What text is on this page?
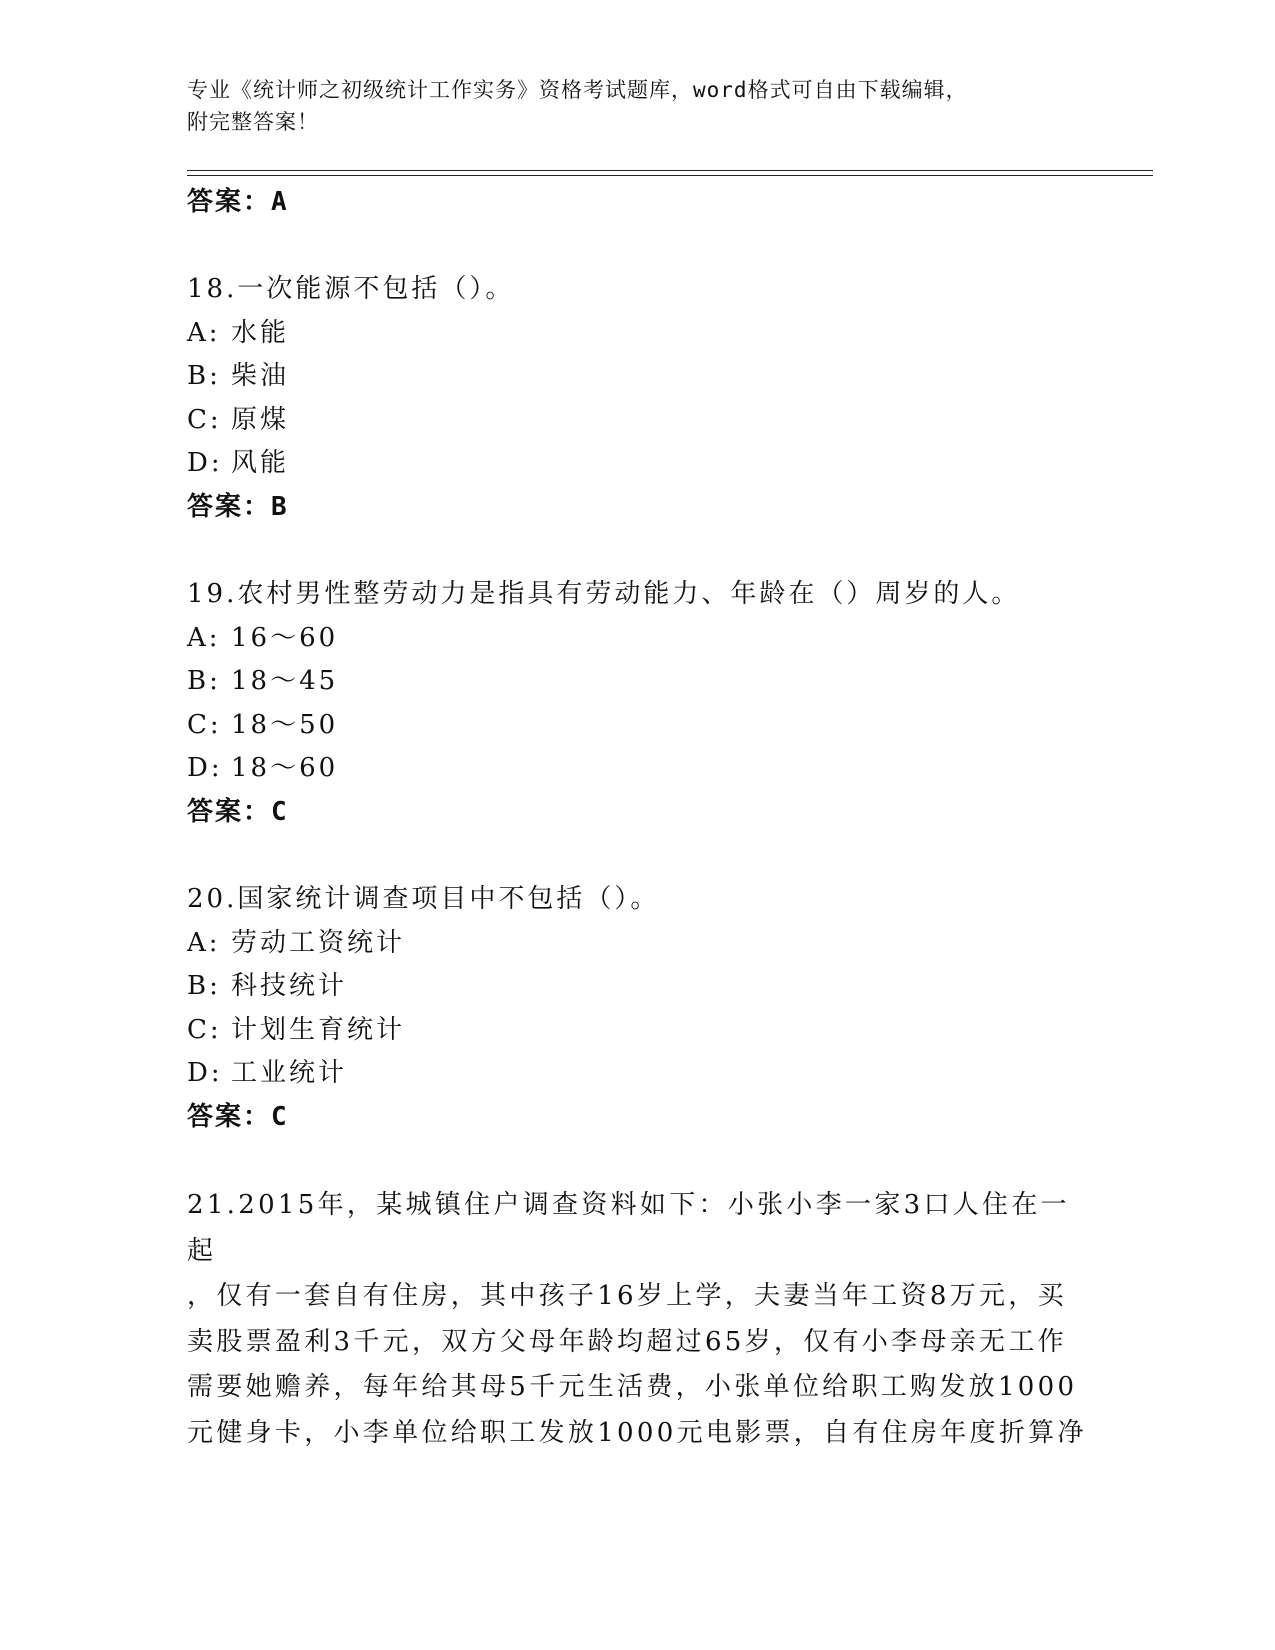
专业《统计师之初级统计工作实务》资格考试题库，word格式可自由下载编辑，
附完整答案！
答案：A
18.一次能源不包括（）。
A: 水能
B: 柴油
C: 原煤
D: 风能
答案：B
19.农村男性整劳动力是指具有劳动能力、年龄在（）周岁的人。
A: 16～60
B: 18～45
C: 18～50
D: 18～60
答案：C
20.国家统计调查项目中不包括（）。
A: 劳动工资统计
B: 科技统计
C: 计划生育统计
D: 工业统计
答案：C
21.2015年，某城镇住户调查资料如下：小张小李一家3口人住在一起
，仅有一套自有住房，其中孩子16岁上学，夫妻当年工资8万元，买
卖股票盈利3千元，双方父母年龄均超过65岁，仅有小李母亲无工作
需要她赡养，每年给其母5千元生活费，小张单位给职工购发放1000
元健身卡，小李单位给职工发放1000元电影票，自有住房年度折算净
